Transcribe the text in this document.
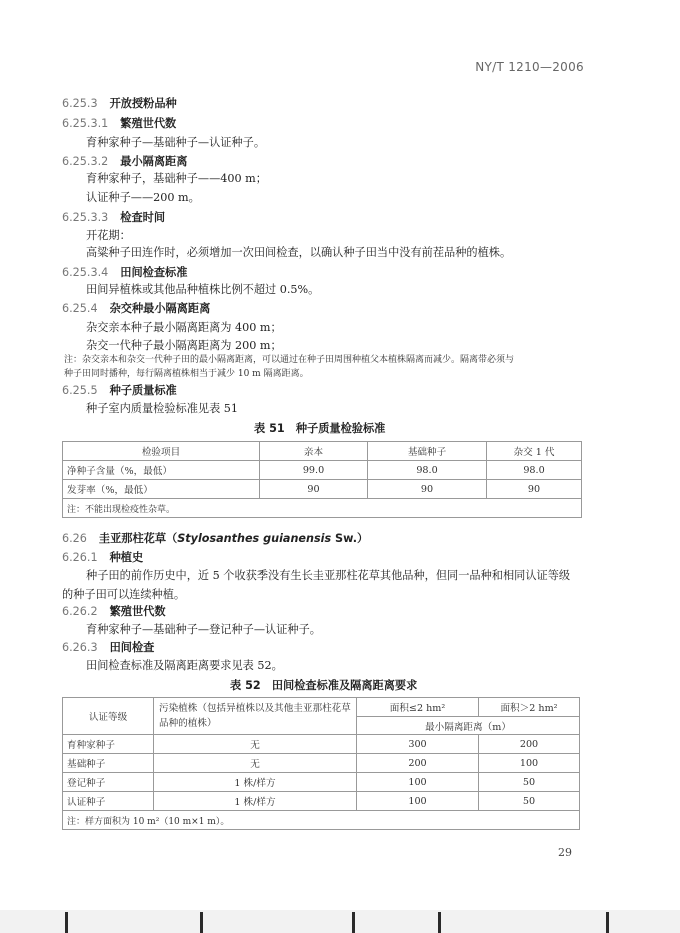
NY/T 1210—2006
6.25.3 开放授粉品种
6.25.3.1 繁殖世代数
育种家种子—基础种子—认证种子。
6.25.3.2 最小隔离距离
育种家种子，基础种子——400 m；
认证种子——200 m。
6.25.3.3 检查时间
开花期：
高粱种子田连作时，必须增加一次田间检查，以确认种子田当中没有前茬品种的植株。
6.25.3.4 田间检查标准
田间异植株或其他品种植株比例不超过 0.5%。
6.25.4 杂交种最小隔离距离
杂交亲本种子最小隔离距离为 400 m；
杂交一代种子最小隔离距离为 200 m；
注：杂交亲本和杂交一代种子田的最小隔离距离，可以通过在种子田周围种植父本植株隔离而减少。隔离带必须与
种子田同时播种，每行隔离植株相当于减少 10 m 隔离距离。
6.25.5 种子质量标准
种子室内质量检验标准见表 51
表 51　种子质量检验标准
检验项目	亲本	基础种子	杂交 1 代
净种子含量（%，最低）	99.0	98.0	98.0
发芽率（%，最低）	90	90	90
注：不能出现检疫性杂草。			
6.26 圭亚那柱花草（Stylosanthes guianensis Sw.）
6.26.1 种植史
种子田的前作历史中，近 5 个收获季没有生长圭亚那柱花草其他品种，但同一品种和相同认证等级
的种子田可以连续种植。
6.26.2 繁殖世代数
育种家种子—基础种子—登记种子—认证种子。
6.26.3 田间检查
田间检查标准及隔离距离要求见表 52。
表 52　田间检查标准及隔离距离要求
认证等级	污染植株（包括异植株以及其他圭亚那柱花草品种的植株）	面积≤2 hm²	面积＞2 hm²
		最小隔离距离（m）	
育种家种子	无	300	200
基础种子	无	200	100
登记种子	1 株/样方	100	50
认证种子	1 株/样方	100	50
注：样方面积为 10 m²（10 m×1 m）。			
29
